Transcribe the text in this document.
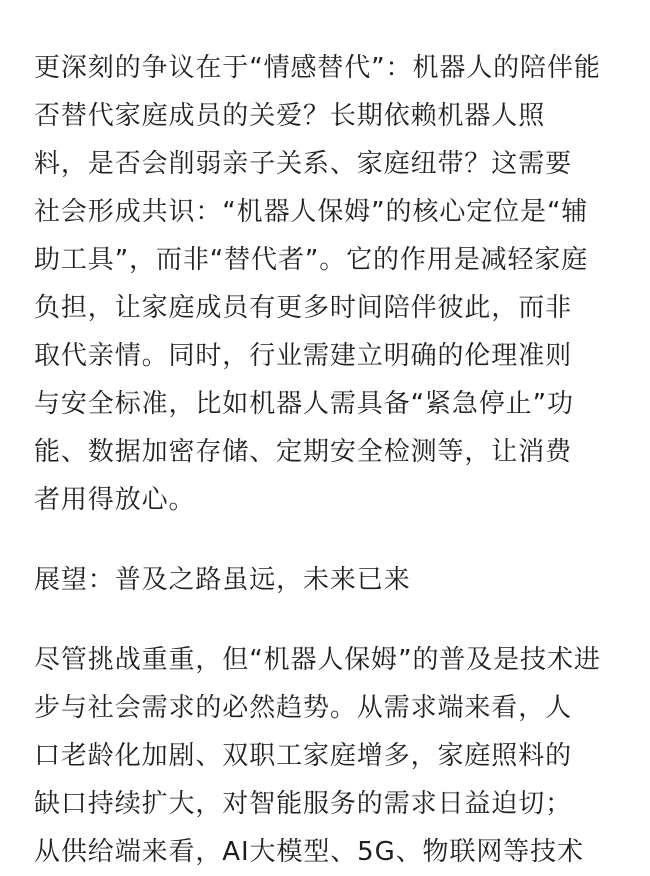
更深刻的争议在于“情感替代”：机器人的陪伴能
否替代家庭成员的关爱？长期依赖机器人照
料，是否会削弱亲子关系、家庭纽带？这需要
社会形成共识：“机器人保姆”的核心定位是“辅
助工具”，而非“替代者”。它的作用是减轻家庭
负担，让家庭成员有更多时间陪伴彼此，而非
取代亲情。同时，行业需建立明确的伦理准则
与安全标准，比如机器人需具备“紧急停止”功
能、数据加密存储、定期安全检测等，让消费
者用得放心。
展望：普及之路虽远，未来已来
尽管挑战重重，但“机器人保姆”的普及是技术进
步与社会需求的必然趋势。从需求端来看，人
口老龄化加剧、双职工家庭增多，家庭照料的
缺口持续扩大，对智能服务的需求日益迫切；
从供给端来看，AI大模型、5G、物联网等技术
